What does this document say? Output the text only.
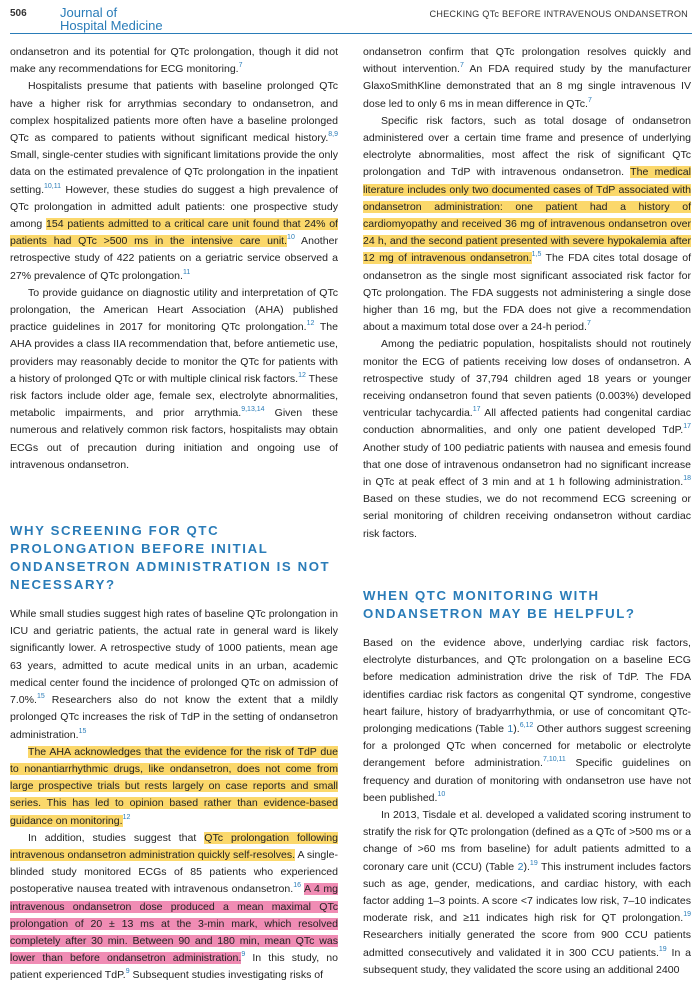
506	Journal of
Hospital Medicine
CHECKING QTc BEFORE INTRAVENOUS ONDANSETRON

ondansetron and its potential for QTc prolongation, though it did not make any recommendations for ECG monitoring.$^7$

Hospitalists presume that patients with baseline prolonged QTc have a higher risk for arrythmias secondary to ondansetron, and complex hospitalized patients more often have a baseline prolonged QTc as compared to patients without significant medical history.$^{8,9}$ Small, single-center studies with significant limitations provide the only data on the estimated prevalence of QTc prolongation in the inpatient setting.$^{10,11}$ However, these studies do suggest a high prevalence of QTc prolongation in admitted adult patients: one prospective study among 154 patients admitted to a critical care unit found that 24% of patients had QTc >500 ms in the intensive care unit.$^{10}$ Another retrospective study of 422 patients on a geriatric service observed a 27% prevalence of QTc prolongation.$^{11}$

To provide guidance on diagnostic utility and interpretation of QTc prolongation, the American Heart Association (AHA) published practice guidelines in 2017 for monitoring QTc prolongation.$^{12}$ The AHA provides a class IIA recommendation that, before antiemetic use, providers may reasonably decide to monitor the QTc for patients with a history of prolonged QTc or with multiple clinical risk factors.$^{12}$ These risk factors include older age, female sex, electrolyte abnormalities, metabolic impairments, and prior arrythmia.$^{9,13,14}$ Given these numerous and relatively common risk factors, hospitalists may obtain ECGs out of precaution during initiation and ongoing use of intravenous ondansetron.

WHY SCREENING FOR QTC PROLONGATION BEFORE INITIAL ONDANSETRON ADMINISTRATION IS NOT NECESSARY?

While small studies suggest high rates of baseline QTc prolongation in ICU and geriatric patients, the actual rate in general ward is likely significantly lower. A retrospective study of 1000 patients, mean age 63 years, admitted to acute medical units in an urban, academic medical center found the incidence of prolonged QTc on admission of 7.0%.$^{15}$ Researchers also do not know the extent that a mildly prolonged QTc increases the risk of TdP in the setting of ondansetron administration.$^{15}$

The AHA acknowledges that the evidence for the risk of TdP due to nonantiarrhythmic drugs, like ondansetron, does not come from large prospective trials but rests largely on case reports and small series. This has led to opinion based rather than evidence-based guidance on monitoring.$^{12}$

In addition, studies suggest that QTc prolongation following intravenous ondansetron administration quickly self-resolves. A single-blinded study monitored ECGs of 85 patients who experienced postoperative nausea treated with intravenous ondansetron.$^{16}$ A 4 mg intravenous ondansetron dose produced a mean maximal QTc prolongation of 20 ± 13 ms at the 3-min mark, which resolved completely after 30 min. Between 90 and 180 min, mean QTc was lower than before ondansetron administration.$^9$ In this study, no patient experienced TdP.$^9$ Subsequent studies investigating risks of

ondansetron confirm that QTc prolongation resolves quickly and without intervention.$^7$ An FDA required study by the manufacturer GlaxoSmithKline demonstrated that an 8 mg single intravenous IV dose led to only 6 ms in mean difference in QTc.$^7$

Specific risk factors, such as total dosage of ondansetron administered over a certain time frame and presence of underlying electrolyte abnormalities, most affect the risk of significant QTc prolongation and TdP with intravenous ondansetron. The medical literature includes only two documented cases of TdP associated with ondansetron administration: one patient had a history of cardiomyopathy and received 36 mg of intravenous ondansetron over 24 h, and the second patient presented with severe hypokalemia after 12 mg of intravenous ondansetron.$^{1,5}$ The FDA cites total dosage of ondansetron as the single most significant associated risk factor for QTc prolongation. The FDA suggests not administering a single dose higher than 16 mg, but the FDA does not give a recommendation about a maximum total dose over a 24-h period.$^7$

Among the pediatric population, hospitalists should not routinely monitor the ECG of patients receiving low doses of ondansetron. A retrospective study of 37,794 children aged 18 years or younger receiving ondansetron found that seven patients (0.003%) developed ventricular tachycardia.$^{17}$ All affected patients had congenital cardiac conduction abnormalities, and only one patient developed TdP.$^{17}$ Another study of 100 pediatric patients with nausea and emesis found that one dose of intravenous ondansetron had no significant increase in QTc at peak effect of 3 min and at 1 h following administration.$^{18}$ Based on these studies, we do not recommend ECG screening or serial monitoring of children receiving ondansetron without cardiac risk factors.

WHEN QTC MONITORING WITH ONDANSETRON MAY BE HELPFUL?

Based on the evidence above, underlying cardiac risk factors, electrolyte disturbances, and QTc prolongation on a baseline ECG before medication administration drive the risk of TdP. The FDA identifies cardiac risk factors as congenital QT syndrome, congestive heart failure, history of bradyarrhythmia, or use of concomitant QTc-prolonging medications (Table 1).$^{6,12}$ Other authors suggest screening for a prolonged QTc when concerned for metabolic or electrolyte derangement before administration.$^{7,10,11}$ Specific guidelines on frequency and duration of monitoring with ondansetron use have not been published.$^{10}$

In 2013, Tisdale et al. developed a validated scoring instrument to stratify the risk for QTc prolongation (defined as a QTc of >500 ms or a change of >60 ms from baseline) for adult patients admitted to a coronary care unit (CCU) (Table 2).$^{19}$ This instrument includes factors such as age, gender, medications, and cardiac history, with each factor adding 1–3 points. A score <7 indicates low risk, 7–10 indicates moderate risk, and ≥11 indicates high risk for QT prolongation.$^{19}$ Researchers initially generated the score from 900 CCU patients admitted consecutively and validated it in 300 CCU patients.$^{19}$ In a subsequent study, they validated the score using an additional 2400
